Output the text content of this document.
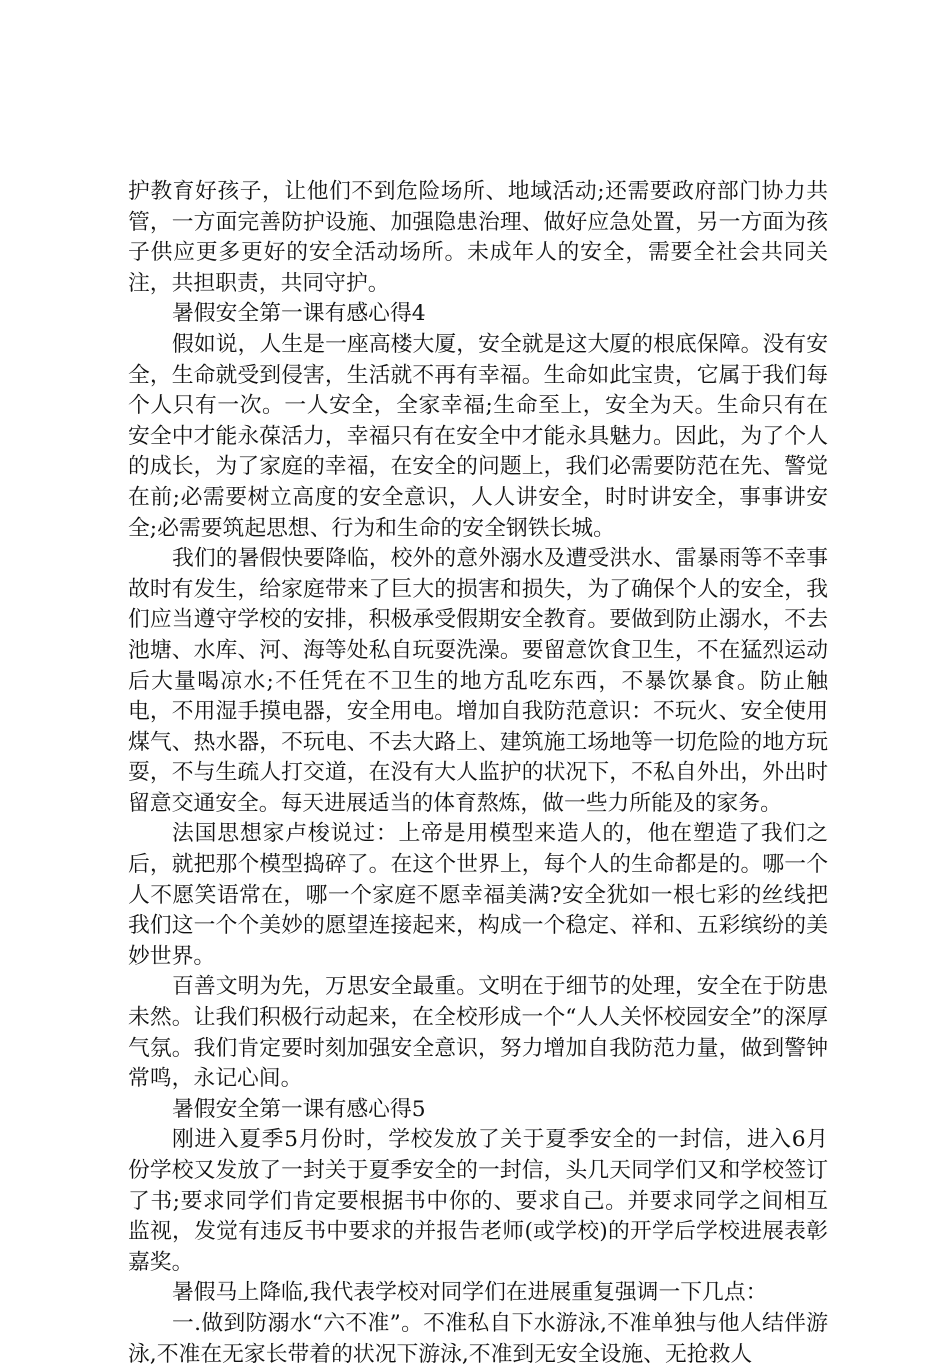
护教育好孩子，让他们不到危险场所、地域活动;还需要政府部门协力共管，一方面完善防护设施、加强隐患治理、做好应急处置，另一方面为孩子供应更多更好的安全活动场所。未成年人的安全，需要全社会共同关注，共担职责，共同守护。

暑假安全第一课有感心得4

假如说，人生是一座高楼大厦，安全就是这大厦的根底保障。没有安全，生命就受到侵害，生活就不再有幸福。生命如此宝贵，它属于我们每个人只有一次。一人安全，全家幸福;生命至上，安全为天。生命只有在安全中才能永葆活力，幸福只有在安全中才能永具魅力。因此，为了个人的成长，为了家庭的幸福，在安全的问题上，我们必需要防范在先、警觉在前;必需要树立高度的安全意识，人人讲安全，时时讲安全，事事讲安全;必需要筑起思想、行为和生命的安全钢铁长城。

我们的暑假快要降临，校外的意外溺水及遭受洪水、雷暴雨等不幸事故时有发生，给家庭带来了巨大的损害和损失，为了确保个人的安全，我们应当遵守学校的安排，积极承受假期安全教育。要做到防止溺水，不去池塘、水库、河、海等处私自玩耍洗澡。要留意饮食卫生，不在猛烈运动后大量喝凉水;不任凭在不卫生的地方乱吃东西，不暴饮暴食。防止触电，不用湿手摸电器，安全用电。增加自我防范意识：不玩火、安全使用煤气、热水器，不玩电、不去大路上、建筑施工场地等一切危险的地方玩耍，不与生疏人打交道，在没有大人监护的状况下，不私自外出，外出时留意交通安全。每天进展适当的体育熬炼，做一些力所能及的家务。

法国思想家卢梭说过：上帝是用模型来造人的，他在塑造了我们之后，就把那个模型捣碎了。在这个世界上，每个人的生命都是的。哪一个人不愿笑语常在，哪一个家庭不愿幸福美满?安全犹如一根七彩的丝线把我们这一个个美妙的愿望连接起来，构成一个稳定、祥和、五彩缤纷的美妙世界。

百善文明为先，万思安全最重。文明在于细节的处理，安全在于防患未然。让我们积极行动起来，在全校形成一个“人人关怀校园安全”的深厚气氛。我们肯定要时刻加强安全意识，努力增加自我防范力量，做到警钟常鸣，永记心间。

暑假安全第一课有感心得5

刚进入夏季5月份时，学校发放了关于夏季安全的一封信，进入6月份学校又发放了一封关于夏季安全的一封信，头几天同学们又和学校签订了书;要求同学们肯定要根据书中你的、要求自己。并要求同学之间相互监视，发觉有违反书中要求的并报告老师(或学校)的开学后学校进展表彰嘉奖。

暑假马上降临,我代表学校对同学们在进展重复强调一下几点：

一.做到防溺水“六不准”。不准私自下水游泳,不准单独与他人结伴游泳,不准在无家长带着的状况下游泳,不准到无安全设施、无抢救人
